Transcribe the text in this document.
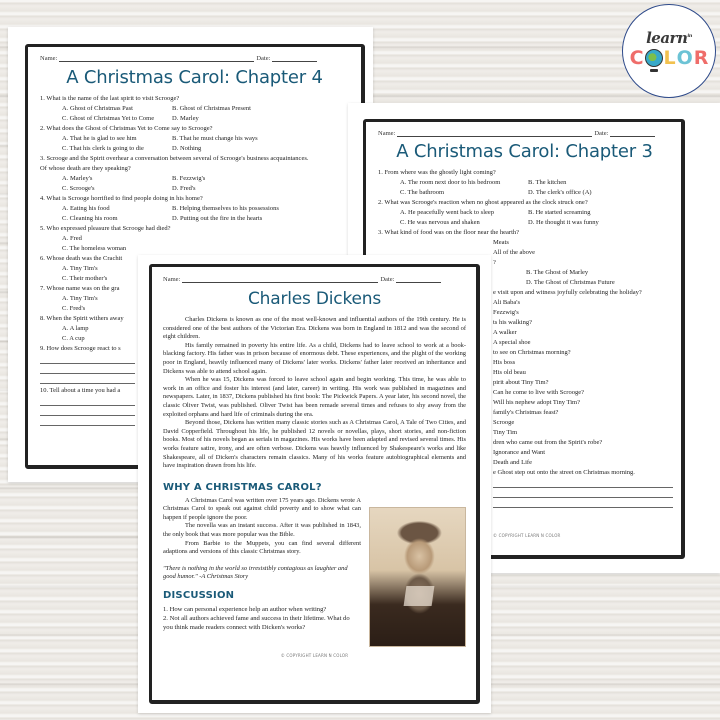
learn$^{in}$
C L O R
Name:	Date:
A Christmas Carol: Chapter 4
1. What is the name of the last spirit to visit Scrooge?
A. Ghost of Christmas Past	B. Ghost of Christmas Present
C. Ghost of Christmas Yet to Come	D. Marley
2. What does the Ghost of Christmas Yet to Come say to Scrooge?
A. That he is glad to see him	B. That he must change his ways
C. That his clerk is going to die	D. Nothing
3. Scrooge and the Spirit overhear a conversation between several of Scrooge's business acquaintances.
Of whose death are they speaking?
A. Marley's	B. Fezzwig's
C. Scrooge's	D. Fred's
4. What is Scrooge horrified to find people doing in his home?
A. Eating his food	B. Helping themselves to his possessions
C. Cleaning his room	D. Putting out the fire in the hearts
5. Who expressed pleasure that Scrooge had died?
A. Fred
C. The homeless woman
6. Whose death was the Crachit
A. Tiny Tim's
C. Their mother's
7. Whose name was on the gra
A. Tiny Tim's
C. Fred's
8. When the Spirit withers away
A. A lamp
C. A cup
9. How does Scrooge react to s
10. Tell about a time you had a
Name:	Date:
A Christmas Carol: Chapter 3
1. From where was the ghostly light coming?
A. The room next door to his bedroom	B. The kitchen
C. The bathroom	D. The clerk's office (A)
2. What was Scrooge's reaction when no ghost appeared as the clock struck one?
A. He peacefully went back to sleep	B. He started screaming
C. He was nervous and shaken	D. He thought it was funny
3. What kind of food was on the floor near the hearth?
Meats
All of the above
?
B. The Ghost of Marley
D. The Ghost of Christmas Future
e visit upon and witness joyfully celebrating the holiday?
Ali Baba's
Fezzwig's
ts his walking?
A walker
A special shoe
to see on Christmas morning?
His boss
His old beau
pirit about Tiny Tim?
Can he come to live with Scrooge?
Will his nephew adopt Tiny Tim?
family's Christmas feast?
Scrooge
Tiny Tim
dren who came out from the Spirit's robe?
Ignorance and Want
Death and Life
e Ghost step out onto the street on Christmas morning.
© COPYRIGHT LEARN N COLOR
Name:	Date:
Charles Dickens

Charles Dickens is known as one of the most well-known and influential authors of the 19th century. He is considered one of the best authors of the Victorian Era. Dickens was born in England in 1812 and was the second of eight children.

His family remained in poverty his entire life. As a child, Dickens had to leave school to work at a book-blacking factory. His father was in prison because of enormous debt. These experiences, and the plight of the working poor in England, heavily influenced many of Dickens' later works. Dickens' father later received an inheritance and Dickens was able to attend school again.

When he was 15, Dickens was forced to leave school again and begin working. This time, he was able to work in an office and foster his interest (and later, career) in writing. His work was published in magazines and newspapers. Later, in 1837, Dickens published his first book: The Pickwick Papers. A year later, his second novel, the classic Oliver Twist, was published. Oliver Twist has been remade several times and refuses to shy away from the exploited orphans and hard life of criminals during the era.

Beyond those, Dickens has written many classic stories such as A Christmas Carol, A Tale of Two Cities, and David Copperfield. Throughout his life, he published 12 novels or novellas, plays, short stories, and non-fiction books. Most of his novels began as serials in magazines. His works have been adapted and revised several times. His works feature satire, irony, and are often verbose. Dickens was heavily influenced by Shakespeare's works and like Shakespeare, all of Dicken's characters remain classics. Many of his works feature autobiographical elements and have inspiration drawn from his life.

WHY A CHRISTMAS CAROL?

A Christmas Carol was written over 175 years ago. Dickens wrote A Christmas Carol to speak out against child poverty and to show what can happen if people ignore the poor.

The novella was an instant success. After it was published in 1843, the only book that was more popular was the Bible.

From Barbie to the Muppets, you can find several different adaptions and versions of this classic Christmas story.

"There is nothing in the world so irresistibly contagious as laughter and good humor." -A Christmas Story

DISCUSSION
1. How can personal experience help an author when writing?
2. Not all authors achieved fame and success in their lifetime. What do you think made readers connect with Dicken's works?
© COPYRIGHT LEARN N COLOR
